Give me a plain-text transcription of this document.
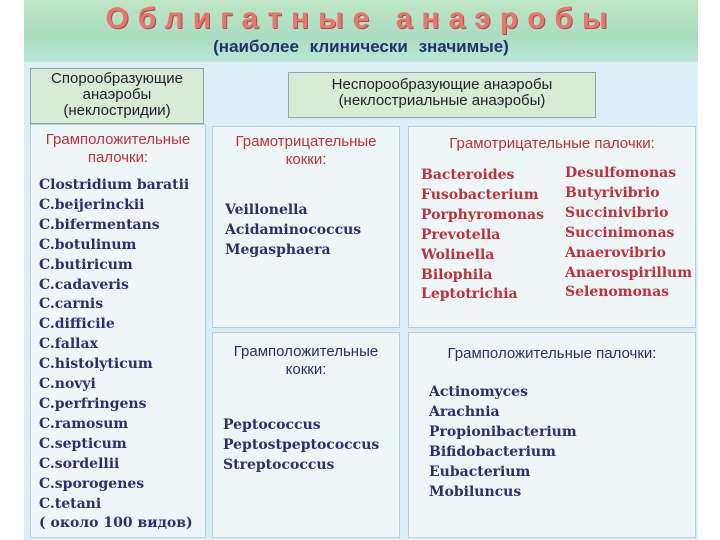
Облигатные анаэробы
(наиболее клинически значимые)
Спорообразующие
анаэробы
(неклостридии)
Грамположительные
палочки:
Clostridium baratii
C.beijerinckii
C.bifermentans
C.botulinum
C.butiricum
C.cadaveris
C.carnis
C.difficile
C.fallax
C.histolyticum
C.novyi
C.perfringens
C.ramosum
C.septicum
C.sordellii
C.sporogenes
C.tetani
( около 100 видов)
Неспорообразующие анаэробы
(неклостриальные анаэробы)
Грамотрицательные
кокки:
Veillonella
Acidaminococcus
Megasphaera
Грамотрицательные палочки:
Bacteroides
Fusobacterium
Porphyromonas
Prevotella
Wolinella
Bilophila
Leptotrichia
Desulfomonas
Butyrivibrio
Succinivibrio
Succinimonas
Anaerovibrio
Anaerospirillum
Selenomonas
Грамположительные
кокки:
Peptococcus
Peptostpeptococcus
Streptococcus
Грамположительные палочки:
Actinomyces
Arachnia
Propionibacterium
Bifidobacterium
Eubacterium
Mobiluncus
